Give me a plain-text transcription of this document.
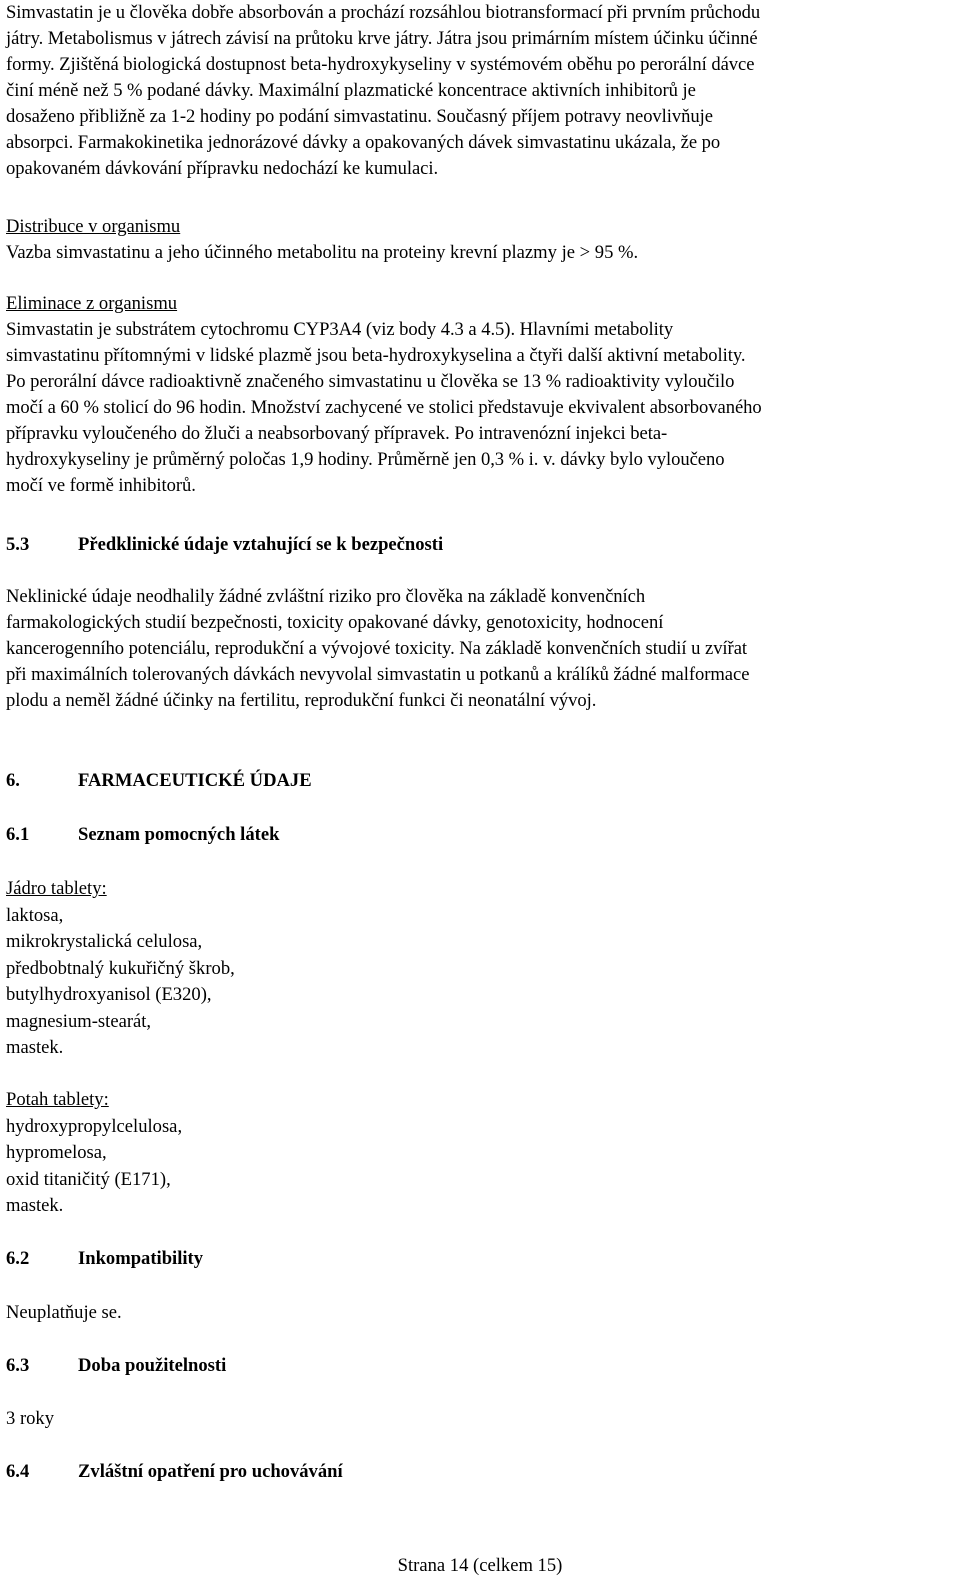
Simvastatin je u člověka dobře absorbován a prochází rozsáhlou biotransformací při prvním průchodu
játry. Metabolismus v játrech závisí na průtoku krve játry. Játra jsou primárním místem účinku účinné
formy. Zjištěná biologická dostupnost beta-hydroxykyseliny v systémovém oběhu po perorální dávce
činí méně než 5 % podané dávky. Maximální plazmatické koncentrace aktivních inhibitorů je
dosaženo přibližně za 1-2 hodiny po podání simvastatinu. Současný příjem potravy neovlivňuje
absorpci. Farmakokinetika jednorázové dávky a opakovaných dávek simvastatinu ukázala, že po
opakovaném dávkování přípravku nedochází ke kumulaci.

Distribuce v organismu

Vazba simvastatinu a jeho účinného metabolitu na proteiny krevní plazmy je > 95 %.

Eliminace z organismu

Simvastatin je substrátem cytochromu CYP3A4 (viz body 4.3 a 4.5). Hlavními metabolity
simvastatinu přítomnými v lidské plazmě jsou beta-hydroxykyselina a čtyři další aktivní metabolity.
Po perorální dávce radioaktivně značeného simvastatinu u člověka se 13 % radioaktivity vyloučilo
močí a 60 % stolicí do 96 hodin. Množství zachycené ve stolici představuje ekvivalent absorbovaného
přípravku vyloučeného do žluči a neabsorbovaný přípravek. Po intravenózní injekci beta-
hydroxykyseliny je průměrný poločas 1,9 hodiny. Průměrně jen 0,3 % i. v. dávky bylo vyloučeno
močí ve formě inhibitorů.

5.3	Předklinické údaje vztahující se k bezpečnosti

Neklinické údaje neodhalily žádné zvláštní riziko pro člověka na základě konvenčních
farmakologických studií bezpečnosti, toxicity opakované dávky, genotoxicity, hodnocení
kancerogenního potenciálu, reprodukční a vývojové toxicity. Na základě konvenčních studií u zvířat
při maximálních tolerovaných dávkách nevyvolal simvastatin u potkanů a králíků žádné malformace
plodu a neměl žádné účinky na fertilitu, reprodukční funkci či neonatální vývoj.

6.	FARMACEUTICKÉ ÚDAJE

6.1	Seznam pomocných látek

Jádro tablety:

laktosa,

mikrokrystalická celulosa,

předbobtnalý kukuřičný škrob,

butylhydroxyanisol (E320),

magnesium-stearát,

mastek.

Potah tablety:

hydroxypropylcelulosa,

hypromelosa,

oxid titaničitý (E171),

mastek.

6.2	Inkompatibility

Neuplatňuje se.

6.3	Doba použitelnosti

3 roky

6.4	Zvláštní opatření pro uchovávání

Strana 14 (celkem 15)
